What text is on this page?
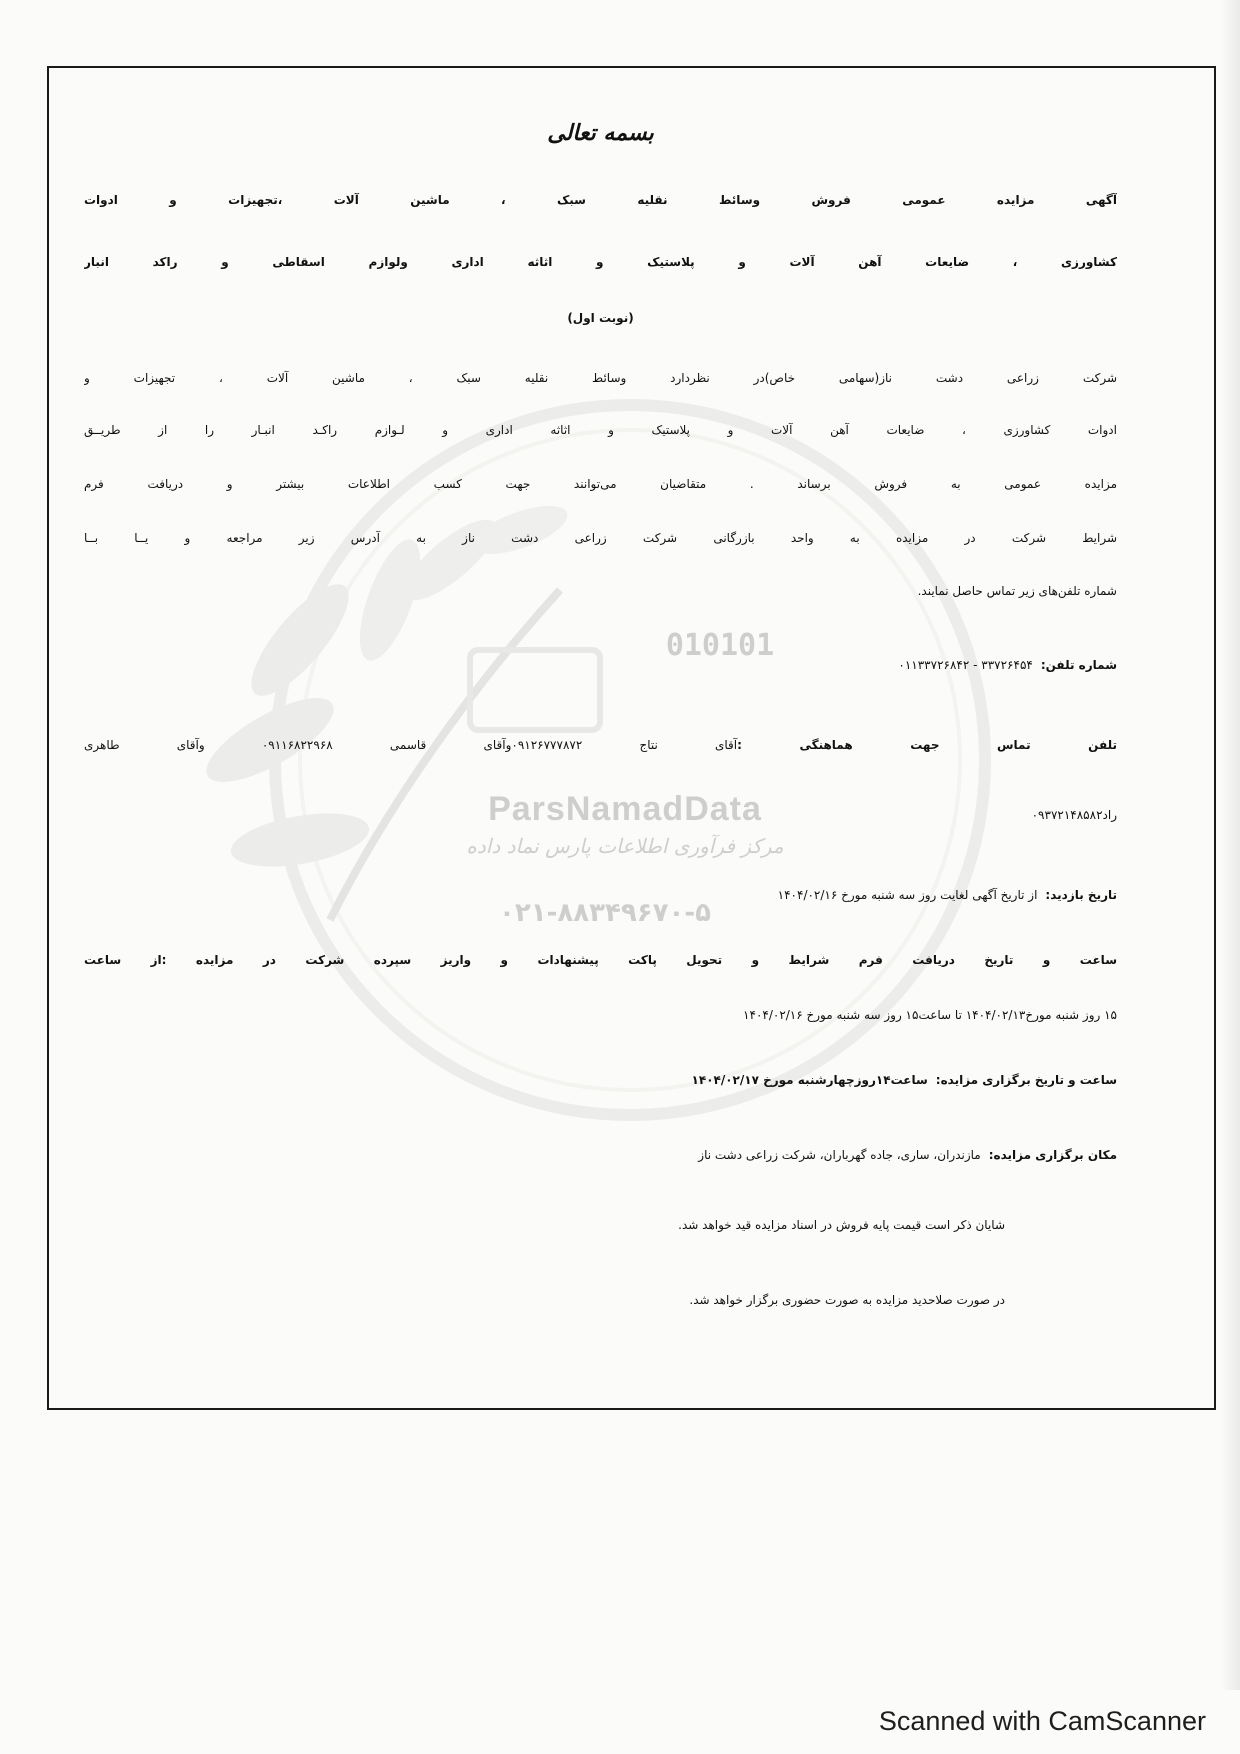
010101
ParsNamadData
مرکز فرآوری اطلاعات پارس نماد داده
۰۲۱-۸۸۳۴۹۶۷۰-۵
بسمه تعالی
آگهی مزایده عمومی فروش وسائط نقلیه سبک ، ماشین آلات ،تجهیزات و ادوات
کشاورزی ، ضایعات آهن آلات و پلاستیک و اثاثه اداری ولوازم اسقاطی و راکد انبار
(نوبت اول)
شرکت زراعی دشت ناز(سهامی خاص)در نظردارد وسائط نقلیه سبک ، ماشین آلات ، تجهیزات و
ادوات کشاورزی ، ضایعات آهن آلات و پلاستیک و اثاثه اداری و لـوازم راکـد انبـار را از طریــق
مزایده عمومی به فروش برساند . متقاضیان می‌توانند جهت کسب اطلاعات بیشتر و دریافت فرم
شرایط شرکت در مزایده به واحد بازرگانی شرکت زراعی دشت ناز به آدرس زیر مراجعه و یــا بــا
شماره تلفن‌های زیر تماس حاصل نمایند.
شماره تلفن:۳۳۷۲۶۴۵۴ - ۰۱۱۳۳۷۲۶۸۴۲
تلفن تماس جهت هماهنگی :آقای نتاج ۰۹۱۲۶۷۷۷۸۷۲وآقای قاسمی ۰۹۱۱۶۸۲۲۹۶۸ وآقای طاهری
راد۰۹۳۷۲۱۴۸۵۸۲
تاریخ بازدید:از تاریخ آگهی لغایت روز سه شنبه مورخ ۱۴۰۴/۰۲/۱۶
ساعت و تاریخ دریافت فرم شرایط و تحویل پاکت پیشنهادات و واریز سپرده شرکت در مزایده :از ساعت
۱۵ روز شنبه مورخ۱۴۰۴/۰۲/۱۳ تا ساعت۱۵ روز سه شنبه مورخ ۱۴۰۴/۰۲/۱۶
ساعت و تاریخ برگزاری مزایده:ساعت۱۴روزچهارشنبه مورخ ۱۴۰۴/۰۲/۱۷
مکان برگزاری مزایده:مازندران، ساری، جاده گهرباران، شرکت زراعی دشت ناز
شایان ذکر است قیمت پایه فروش در اسناد مزایده قید خواهد شد.
در صورت صلاحدید مزایده به صورت حضوری برگزار خواهد شد.
Scanned with CamScanner
